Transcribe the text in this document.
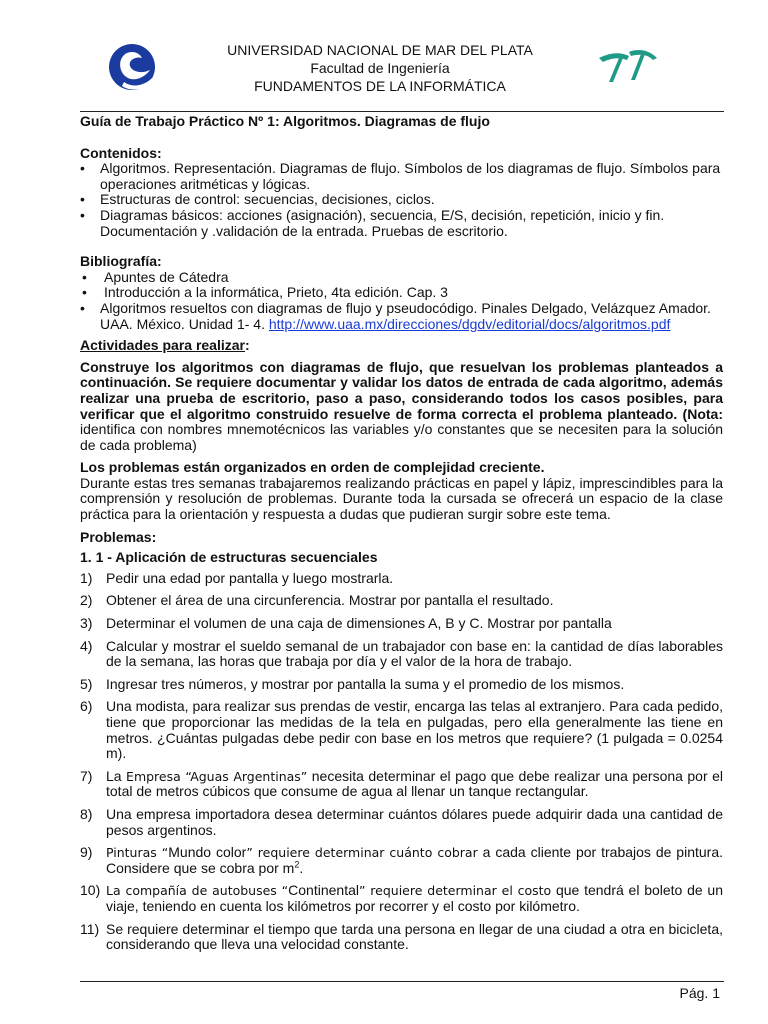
UNIVERSIDAD NACIONAL DE MAR DEL PLATA
Facultad de Ingeniería
FUNDAMENTOS DE LA INFORMÁTICA
Guía de Trabajo Práctico Nº 1: Algoritmos. Diagramas de flujo
Contenidos:
•	Algoritmos. Representación. Diagramas de flujo. Símbolos de los diagramas de flujo. Símbolos para operaciones aritméticas y lógicas.
•	Estructuras de control: secuencias, decisiones, ciclos.
•	Diagramas básicos: acciones (asignación), secuencia, E/S, decisión, repetición, inicio y fin. Documentación y .validación de la entrada. Pruebas de escritorio.
Bibliografía:
•	Apuntes de Cátedra
•	Introducción a la informática, Prieto, 4ta edición. Cap. 3
•	Algoritmos resueltos con diagramas de flujo y pseudocódigo. Pinales Delgado, Velázquez Amador. UAA. México. Unidad 1- 4. http://www.uaa.mx/direcciones/dgdv/editorial/docs/algoritmos.pdf
Actividades para realizar:
Construye los algoritmos con diagramas de flujo, que resuelvan los problemas planteados a continuación. Se requiere documentar y validar los datos de entrada de cada algoritmo, además realizar una prueba de escritorio, paso a paso, considerando todos los casos posibles, para verificar que el algoritmo construido resuelve de forma correcta el problema planteado. (Nota: identifica con nombres mnemotécnicos las variables y/o constantes que se necesiten para la solución de cada problema)
Los problemas están organizados en orden de complejidad creciente.
Durante estas tres semanas trabajaremos realizando prácticas en papel y lápiz, imprescindibles para la comprensión y resolución de problemas. Durante toda la cursada se ofrecerá un espacio de la clase práctica para la orientación y respuesta a dudas que pudieran surgir sobre este tema.
Problemas:
1. 1 - Aplicación de estructuras secuenciales
1) Pedir una edad por pantalla y luego mostrarla.
2) Obtener el área de una circunferencia. Mostrar por pantalla el resultado.
3) Determinar el volumen de una caja de dimensiones A, B y C. Mostrar por pantalla
4) Calcular y mostrar el sueldo semanal de un trabajador con base en: la cantidad de días laborables de la semana, las horas que trabaja por día y el valor de la hora de trabajo.
5) Ingresar tres números, y mostrar por pantalla la suma y el promedio de los mismos.
6) Una modista, para realizar sus prendas de vestir, encarga las telas al extranjero. Para cada pedido, tiene que proporcionar las medidas de la tela en pulgadas, pero ella generalmente las tiene en metros. ¿Cuántas pulgadas debe pedir con base en los metros que requiere? (1 pulgada = 0.0254 m).
7) La Empresa “Aguas Argentinas” necesita determinar el pago que debe realizar una persona por el total de metros cúbicos que consume de agua al llenar un tanque rectangular.
8) Una empresa importadora desea determinar cuántos dólares puede adquirir dada una cantidad de pesos argentinos.
9)	Pinturas “Mundo color” requiere determinar cuánto cobrar a cada cliente por trabajos de pintura. Considere que se cobra por $m^2$.
10) La compañía de autobuses “Continental” requiere determinar el costo que tendrá el boleto de un viaje, teniendo en cuenta los kilómetros por recorrer y el costo por kilómetro.
11) Se requiere determinar el tiempo que tarda una persona en llegar de una ciudad a otra en bicicleta, considerando que lleva una velocidad constante.
Pág. 1
